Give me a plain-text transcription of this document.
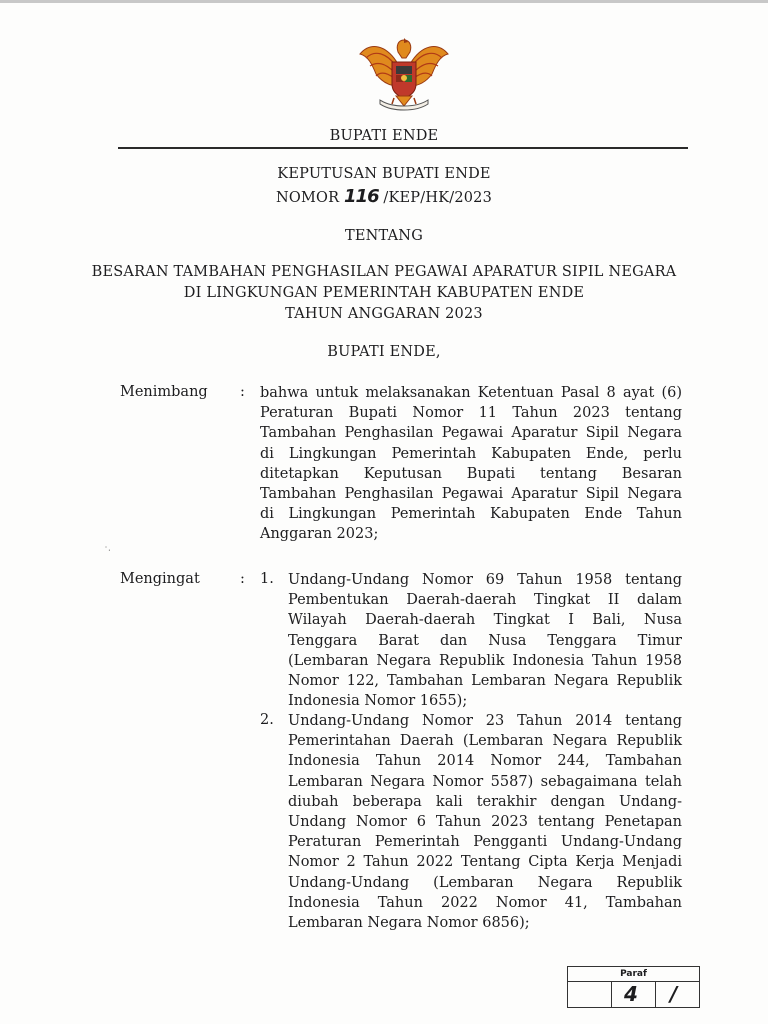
BUPATI ENDE
KEPUTUSAN BUPATI ENDE
NOMOR 116 /KEP/HK/2023
TENTANG
BESARAN TAMBAHAN PENGHASILAN PEGAWAI APARATUR SIPIL NEGARA
DI LINGKUNGAN PEMERINTAH KABUPATEN ENDE
TAHUN ANGGARAN 2023
BUPATI ENDE,
Menimbang : bahwa untuk melaksanakan Ketentuan Pasal 8 ayat (6)
Peraturan Bupati Nomor 11 Tahun 2023 tentang
Tambahan Penghasilan Pegawai Aparatur Sipil Negara
di Lingkungan Pemerintah Kabupaten Ende, perlu
ditetapkan Keputusan Bupati tentang Besaran
Tambahan Penghasilan Pegawai Aparatur Sipil Negara
di Lingkungan Pemerintah Kabupaten Ende Tahun
Anggaran 2023;
˙⋅
Mengingat	: 1. Undang-Undang Nomor 69 Tahun 1958 tentang
Pembentukan Daerah-daerah Tingkat II dalam
Wilayah Daerah-daerah Tingkat I Bali, Nusa
Tenggara Barat dan Nusa Tenggara Timur
(Lembaran Negara Republik Indonesia Tahun 1958
Nomor 122, Tambahan Lembaran Negara Republik
Indonesia Nomor 1655);
2. Undang-Undang Nomor 23 Tahun 2014 tentang
Pemerintahan Daerah (Lembaran Negara Republik
Indonesia Tahun 2014 Nomor 244, Tambahan
Lembaran Negara Nomor 5587) sebagaimana telah
diubah beberapa kali terakhir dengan Undang-
Undang Nomor 6 Tahun 2023 tentang Penetapan
Peraturan Pemerintah Pengganti Undang-Undang
Nomor 2 Tahun 2022 Tentang Cipta Kerja Menjadi
Undang-Undang (Lembaran Negara Republik
Indonesia Tahun 2022 Nomor 41, Tambahan
Lembaran Negara Nomor 6856);
Paraf
4 /
